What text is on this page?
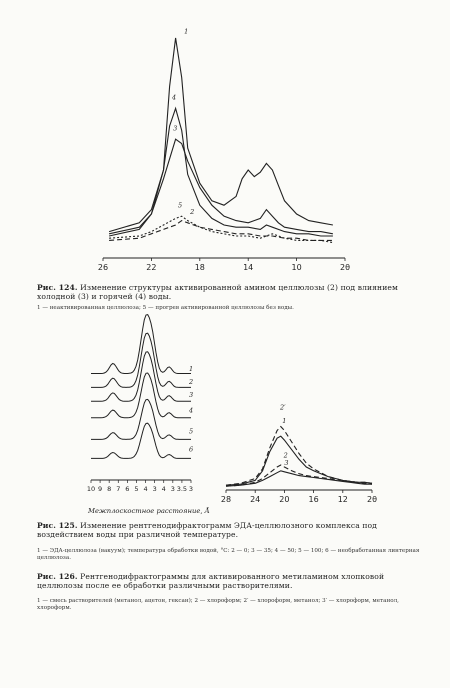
1
2
3
4
5
26	22	18	14	10	2θ
Рис. 124. Изменение структуры активированной амином целлюлозы (2) под влиянием холодной (3) и горячей (4) воды.
1 — неактивированная целлюлоза; 5 — прогрев активированной целлюлозы без воды.
1
2
3
4
5
6
10 9 8 7 6 5 4 3 4 3 3.5 3
Межплоскостное расстояние, Å
2′
1
2
3
28 24 20 16 12 2θ
Рис. 125. Изменение рентгенодифрактограмм ЭДА-целлюлозного комплекса под воздействием воды при различной температуре.
1 — ЭДА-целлюлоза (вакуум); температура обработки водой, °С: 2 — 0; 3 — 35; 4 — 50; 5 — 100; 6 — необработанная линтерная целлюлоза.
Рис. 126. Рентгенодифрактограммы для активированного метиламином хлопковой целлюлозы после ее обработки различными растворителями.
1 — смесь растворителей (метанол, ацетон, гексан); 2 — хлороформ; 2′ — хлороформ, метанол; 3′ — хлороформ, метанол, хлороформ.
